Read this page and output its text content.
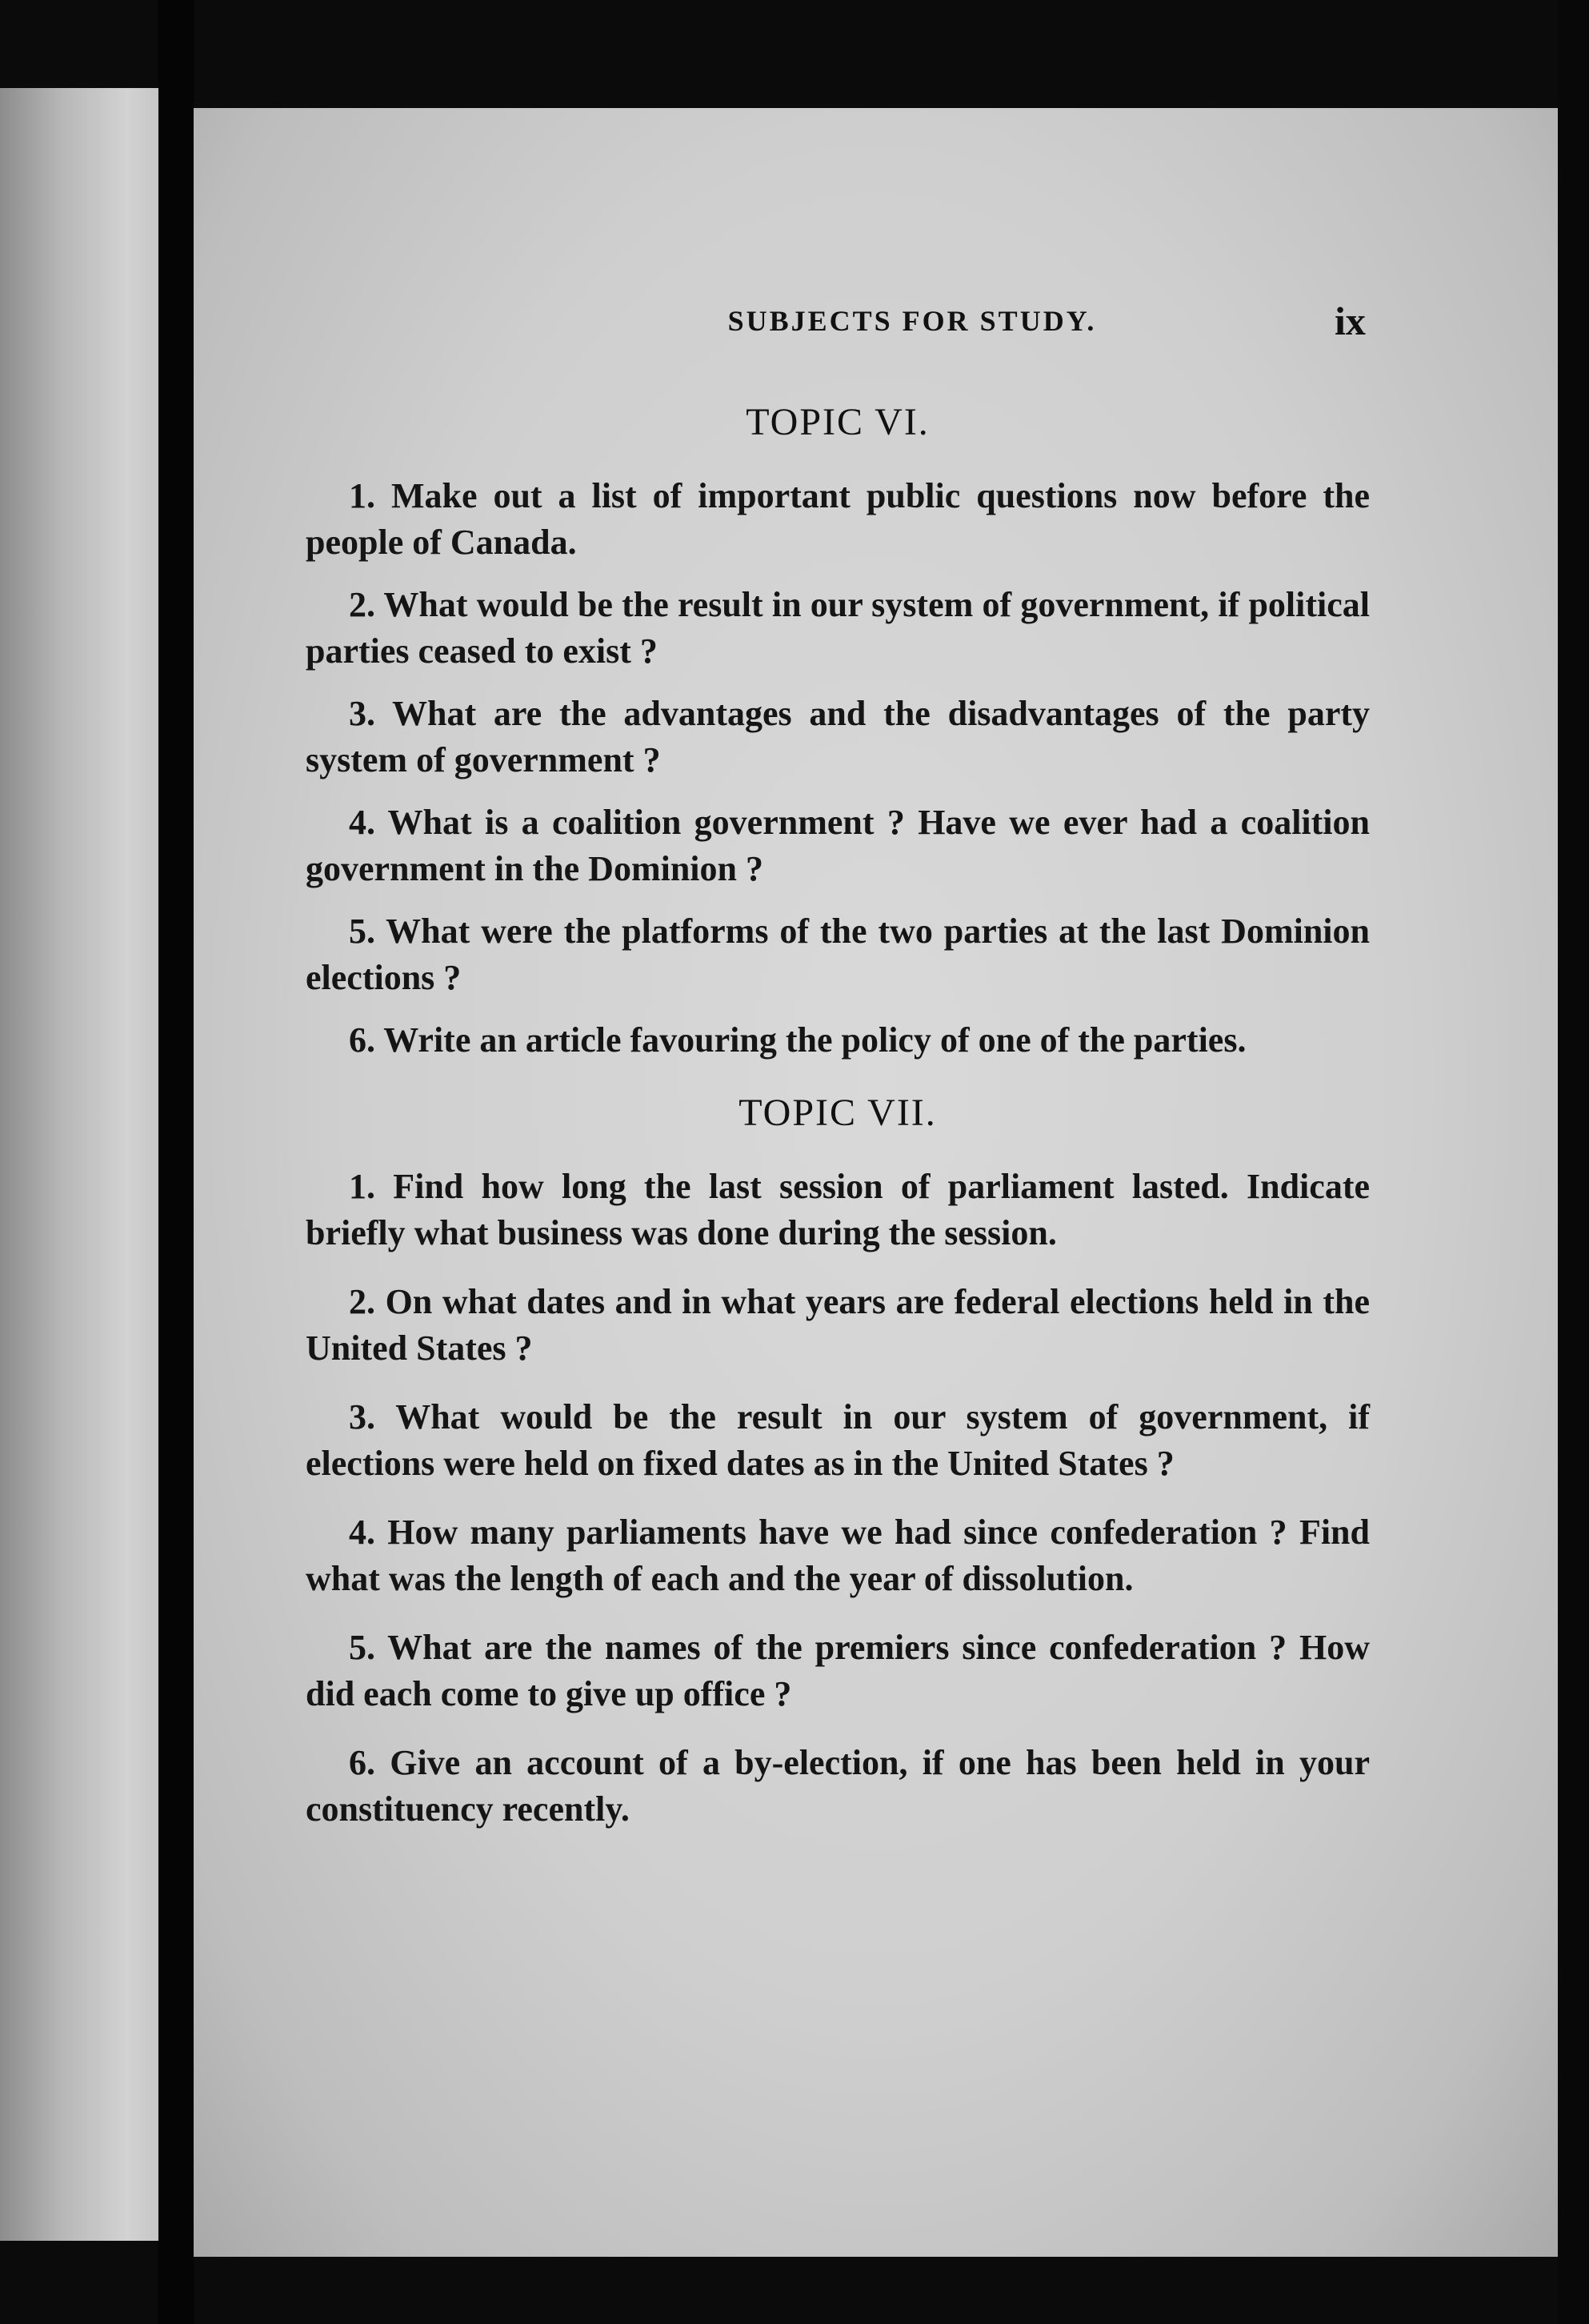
SUBJECTS FOR STUDY.	ix
TOPIC VI.

1. Make out a list of important public questions now before the people of Canada.

2. What would be the result in our system of government, if political parties ceased to exist ?

3. What are the advantages and the disadvantages of the party system of government ?

4. What is a coalition government ? Have we ever had a coalition government in the Dominion ?

5. What were the platforms of the two parties at the last Dominion elections ?

6. Write an article favouring the policy of one of the parties.

TOPIC VII.

1. Find how long the last session of parliament lasted. Indicate briefly what business was done during the session.

2. On what dates and in what years are federal elections held in the United States ?

3. What would be the result in our system of government, if elections were held on fixed dates as in the United States ?

4. How many parliaments have we had since confederation ? Find what was the length of each and the year of dissolution.

5. What are the names of the premiers since confederation ? How did each come to give up office ?

6. Give an account of a by-election, if one has been held in your constituency recently.
